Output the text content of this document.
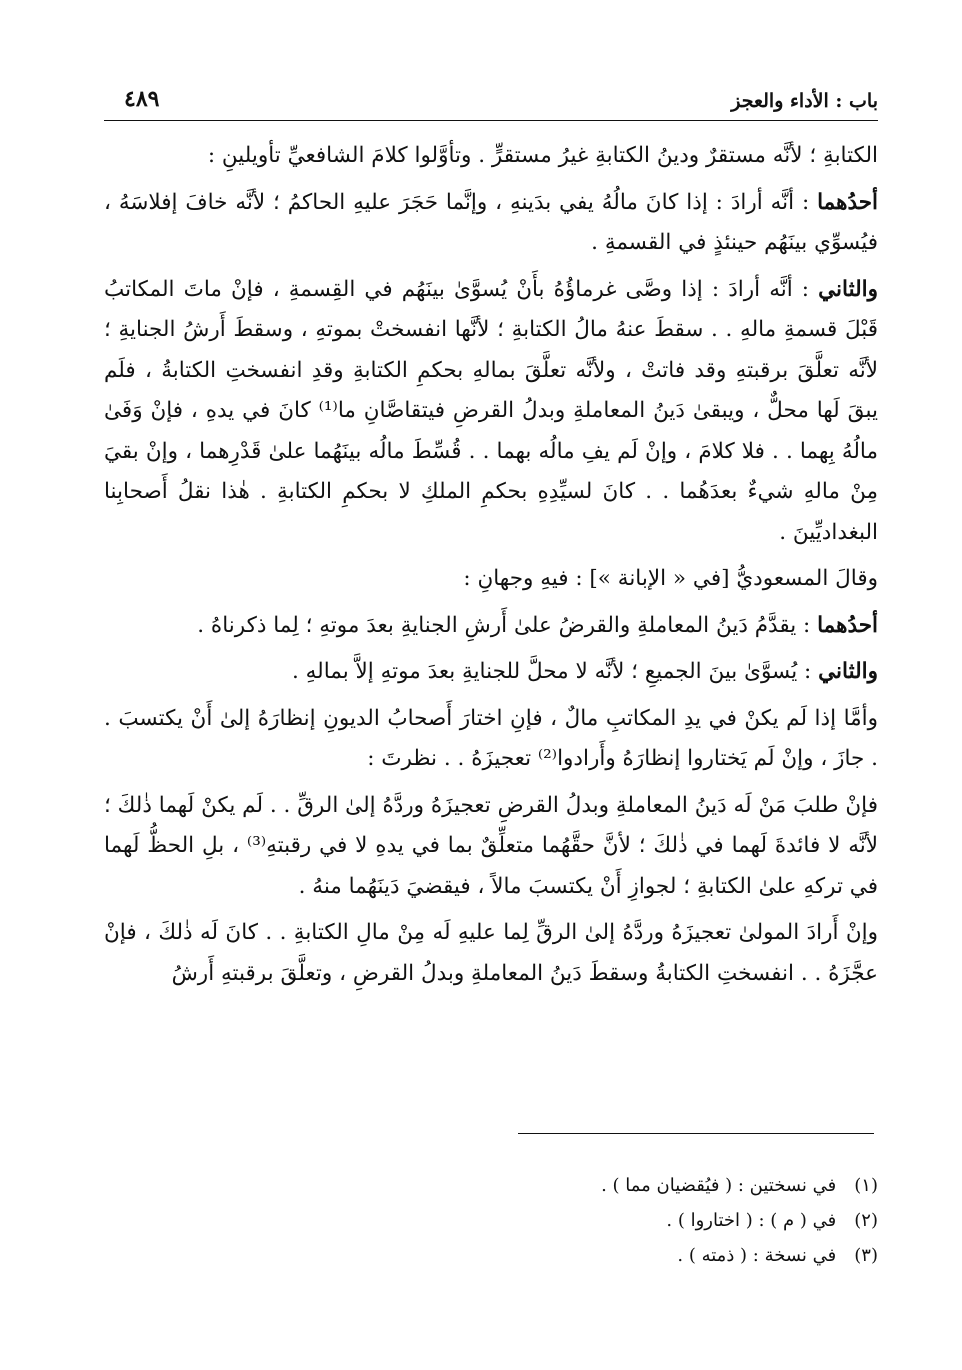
باب : الأداء والعجز
٤٨٩

الكتابةِ ؛ لأنَّه مستقرٌ ودينُ الكتابةِ غيرُ مستقرٍّ . وتأوَّلوا كلامَ الشافعيِّ تأويلينِ :

أحدُهما : أنَّه أرادَ : إذا كانَ مالُهُ يفي بدَينهِ ، وإنَّما حَجَرَ عليهِ الحاكمُ ؛ لأنَّه خافَ إفلاسَهُ ، فيُسوِّي بينَهُم حينئذٍ في القسمةِ .

والثاني : أنَّه أرادَ : إذا وصَّى غرماؤُهُ بأَنْ يُسوَّىٰ بينَهُم في القِسمةِ ، فإنْ ماتَ المكاتبُ قَبْلَ قسمةِ مالهِ . . سقطَ عنهُ مالُ الكتابةِ ؛ لأنَّها انفسختْ بموتهِ ، وسقطَ أَرشُ الجنايةِ ؛ لأنَّه تعلَّقَ برقبتهِ وقد فاتتْ ، ولأنَّه تعلَّقَ بمالهِ بحكمِ الكتابةِ وقدِ انفسختِ الكتابةُ ، فلَم يبقَ لَها محلٌّ ، ويبقىٰ دَينُ المعاملةِ وبدلُ القرضِ فيتقاصَّانِ ما⁽¹⁾ كانَ في يدهِ ، فإنْ وَفَىٰ مالُهُ بِهما . . فلا كلامَ ، وإنْ لَم يفِ مالُه بهما . . قُسِّطَ مالُه بينَهُما علىٰ قَدْرِهما ، وإنْ بقيَ مِنْ مالهِ شيءٌ بعدَهُما . . كانَ لسيِّدِهِ بحكمِ الملكِ لا بحكمِ الكتابةِ . هٰذا نقلُ أَصحابِنا البغداديِّينَ .

وقالَ المسعوديُّ [في « الإبانة »] : فيهِ وجهانِ :

أحدُهما : يقدَّمُ دَينُ المعاملةِ والقرضُ علىٰ أَرشِ الجنايةِ بعدَ موتهِ ؛ لِما ذكرناهُ .

والثاني : يُسوَّىٰ بينَ الجميعِ ؛ لأنَّه لا محلَّ للجنايةِ بعدَ موتهِ إلاَّ بمالهِ .

وأمَّا إذا لَم يكنْ في يدِ المكاتبِ مالٌ ، فإنِ اختارَ أَصحابُ الديونِ إنظارَهُ إلىٰ أَنْ يكتسبَ . . جازَ ، وإنْ لَم يَختاروا إنظارَهُ وأَرادوا⁽²⁾ تعجيزَهُ . . نظرتَ :

فإنْ طلبَ مَنْ لَه دَينُ المعاملةِ وبدلُ القرضِ تعجيزَهُ وردَّهُ إلىٰ الرقِّ . . لَم يكنْ لَهما ذٰلكَ ؛ لأنَّه لا فائدةَ لَهما في ذٰلكَ ؛ لأنَّ حقَّهُما متعلِّقٌ بما في يدهِ لا في رقبتهِ⁽³⁾ ، بلِ الحظُّ لَهما في تركهِ علىٰ الكتابةِ ؛ لجوازِ أَنْ يكتسبَ مالاً ، فيقضيَ دَينَهُما منهُ .

وإنْ أَرادَ المولىٰ تعجيزَهُ وردَّهُ إلىٰ الرقِّ لِما عليهِ لَه مِنْ مالِ الكتابةِ . . كانَ لَه ذٰلكَ ، فإنْ عجَّزَهُ . . انفسختِ الكتابةُ وسقطَ دَينُ المعاملةِ وبدلُ القرضِ ، وتعلَّقَ برقبتهِ أَرشُ

(١) في نسختين : ( فيُقضيان مما ) .
(٢) في ( م ) : ( اختاروا ) .
(٣) في نسخة : ( ذمته ) .
